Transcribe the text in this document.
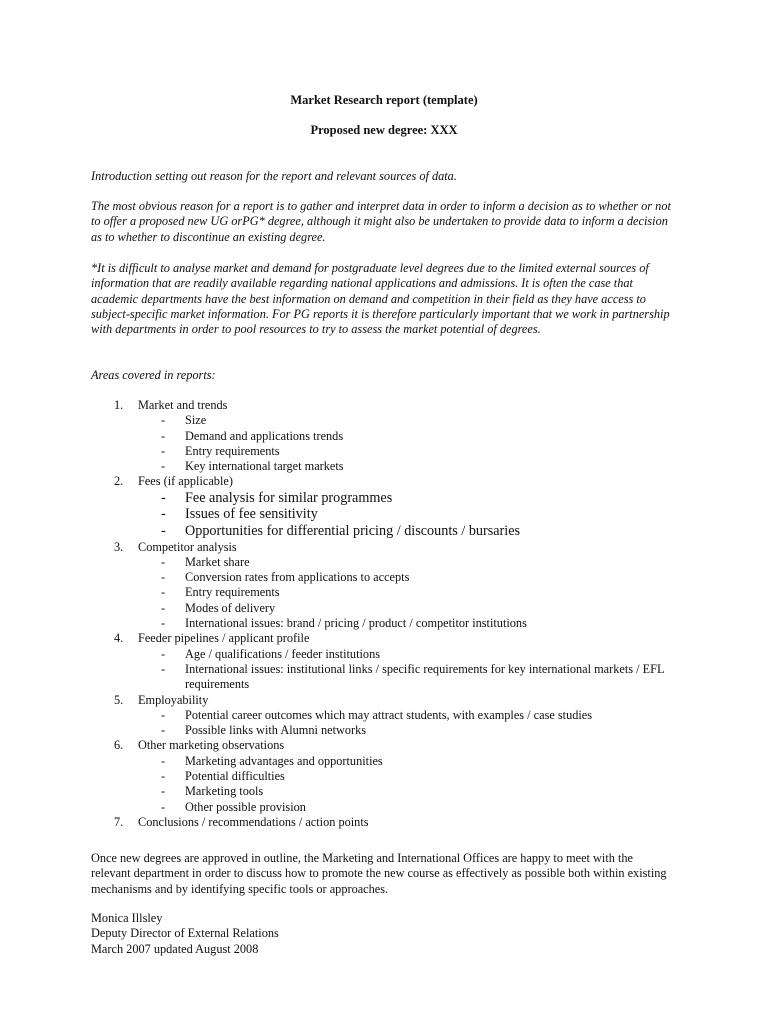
Market Research report (template)
Proposed new degree: XXX

Introduction setting out reason for the report and relevant sources of data.

The most obvious reason for a report is to gather and interpret data in order to inform a decision as to whether or not to offer a proposed new UG orPG* degree, although it might also be undertaken to provide data to inform a decision as to whether to discontinue an existing degree.

*It is difficult to analyse market and demand for postgraduate level degrees due to the limited external sources of information that are readily available regarding national applications and admissions. It is often the case that academic departments have the best information on demand and competition in their field as they have access to subject-specific market information. For PG reports it is therefore particularly important that we work in partnership with departments in order to pool resources to try to assess the market potential of degrees.

Areas covered in reports:

1.	Market and trends
- Size
- Demand and applications trends
- Entry requirements
- Key international target markets
2.	Fees (if applicable)
- Fee analysis for similar programmes
- Issues of fee sensitivity
- Opportunities for differential pricing / discounts / bursaries
3.	Competitor analysis
- Market share
- Conversion rates from applications to accepts
- Entry requirements
- Modes of delivery
- International issues: brand / pricing / product / competitor institutions
4.	Feeder pipelines / applicant profile
- Age / qualifications / feeder institutions
- International issues: institutional links / specific requirements for key international markets / EFL requirements
5.	Employability
- Potential career outcomes which may attract students, with examples / case studies
- Possible links with Alumni networks
6.	Other marketing observations
- Marketing advantages and opportunities
- Potential difficulties
- Marketing tools
- Other possible provision
7.	Conclusions / recommendations / action points

Once new degrees are approved in outline, the Marketing and International Offices are happy to meet with the relevant department in order to discuss how to promote the new course as effectively as possible both within existing mechanisms and by identifying specific tools or approaches.

Monica Illsley
Deputy Director of External Relations
March 2007 updated August 2008
